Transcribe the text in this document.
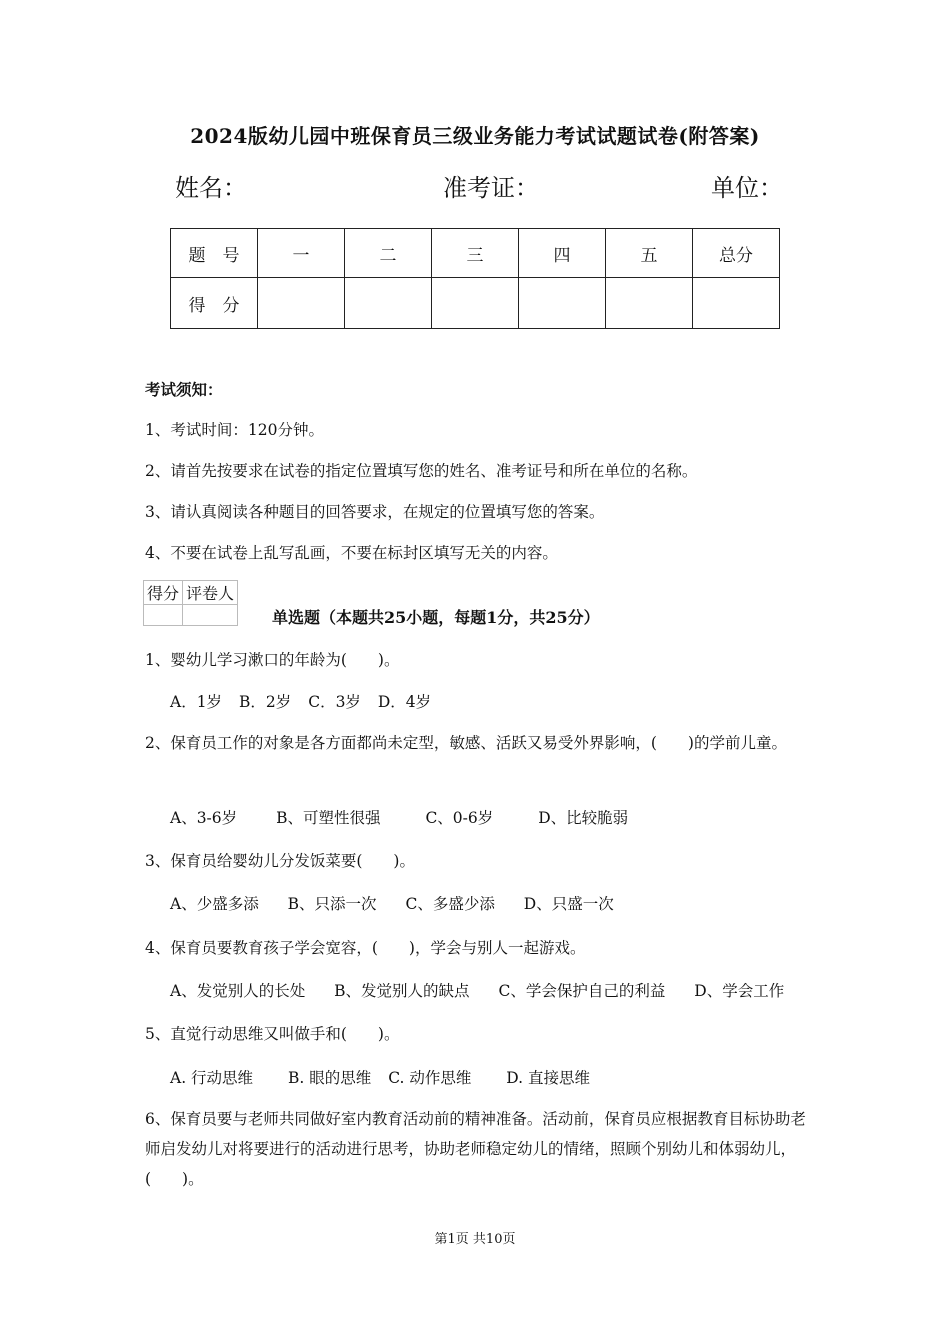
2024版幼儿园中班保育员三级业务能力考试试题试卷(附答案)
姓名：	准考证：	单位：
题　号	一	二	三	四	五	总分
得　分						
考试须知：
1、考试时间：120分钟。
2、请首先按要求在试卷的指定位置填写您的姓名、准考证号和所在单位的名称。
3、请认真阅读各种题目的回答要求，在规定的位置填写您的答案。
4、不要在试卷上乱写乱画，不要在标封区填写无关的内容。
得分	评卷人

单选题（本题共25小题，每题1分，共25分）
1、婴幼儿学习漱口的年龄为(　　)。
A．1岁 B．2岁 C．3岁 D．4岁
2、保育员工作的对象是各方面都尚未定型，敏感、活跃又易受外界影响，(　　)的学前儿童。
A、3-6岁	B、可塑性很强	C、0-6岁	D、比较脆弱
3、保育员给婴幼儿分发饭菜要(　　)。
A、少盛多添 B、只添一次 C、多盛少添 D、只盛一次
4、保育员要教育孩子学会宽容，(　　)，学会与别人一起游戏。
A、发觉别人的长处 B、发觉别人的缺点 C、学会保护自己的利益 D、学会工作
5、直觉行动思维又叫做手和(　　)。
A. 行动思维 B. 眼的思维 C. 动作思维 D. 直接思维
6、保育员要与老师共同做好室内教育活动前的精神准备。活动前，保育员应根据教育目标协助老师启发幼儿对将要进行的活动进行思考，协助老师稳定幼儿的情绪，照顾个别幼儿和体弱幼儿，(　　)。
第1页 共10页
